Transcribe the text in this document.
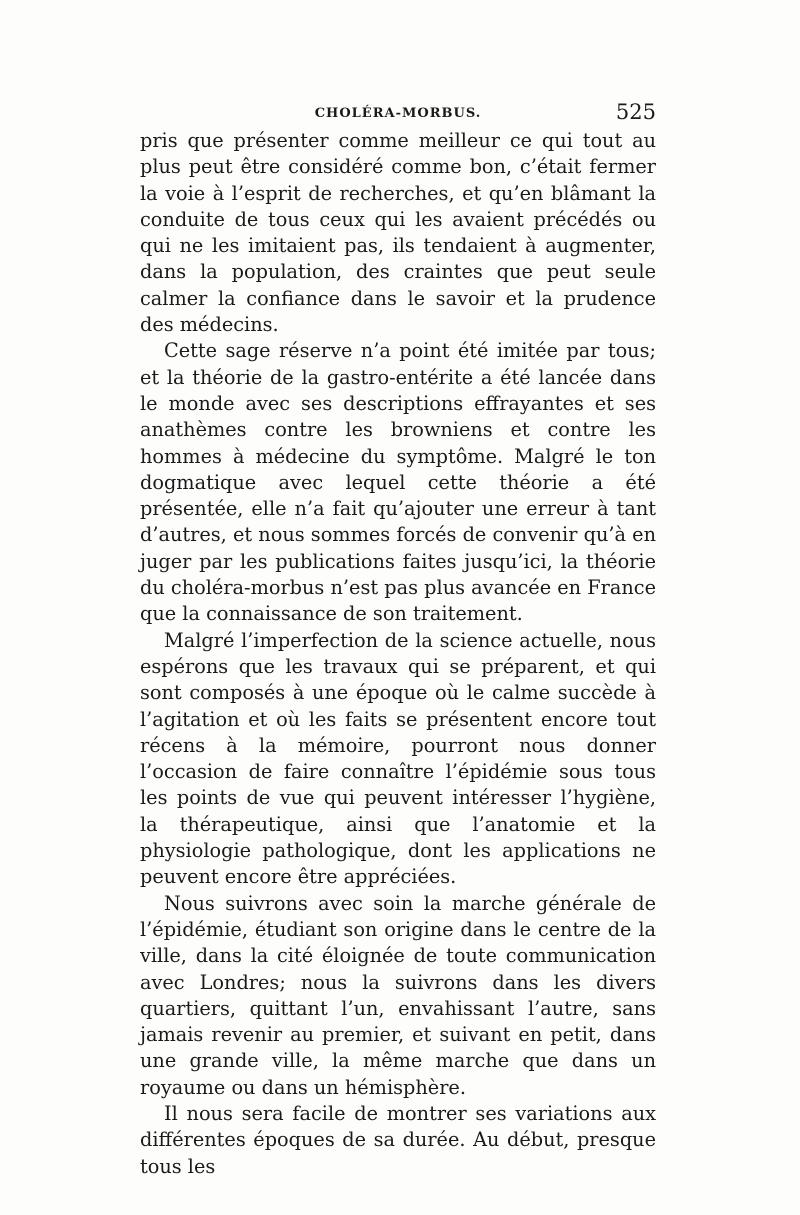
CHOLÉRA-MORBUS.	525

pris que présenter comme meilleur ce qui tout au plus peut être considéré comme bon, c’était fermer la voie à l’esprit de recherches, et qu’en blâmant la conduite de tous ceux qui les avaient précédés ou qui ne les imitaient pas, ils tendaient à augmenter, dans la population, des craintes que peut seule calmer la confiance dans le savoir et la prudence des médecins.

Cette sage réserve n’a point été imitée par tous; et la théorie de la gastro-entérite a été lancée dans le monde avec ses descriptions effrayantes et ses anathèmes contre les browniens et contre les hommes à médecine du symptôme. Malgré le ton dogmatique avec lequel cette théorie a été présentée, elle n’a fait qu’ajouter une erreur à tant d’autres, et nous sommes forcés de convenir qu’à en juger par les publications faites jusqu’ici, la théorie du choléra-morbus n’est pas plus avancée en France que la connaissance de son traitement.

Malgré l’imperfection de la science actuelle, nous espérons que les travaux qui se préparent, et qui sont composés à une époque où le calme succède à l’agitation et où les faits se présentent encore tout récens à la mémoire, pourront nous donner l’occasion de faire connaître l’épidémie sous tous les points de vue qui peuvent intéresser l’hygiène, la thérapeutique, ainsi que l’anatomie et la physiologie pathologique, dont les applications ne peuvent encore être appréciées.

Nous suivrons avec soin la marche générale de l’épidémie, étudiant son origine dans le centre de la ville, dans la cité éloignée de toute communication avec Londres; nous la suivrons dans les divers quartiers, quittant l’un, envahissant l’autre, sans jamais revenir au premier, et suivant en petit, dans une grande ville, la même marche que dans un royaume ou dans un hémisphère.

Il nous sera facile de montrer ses variations aux différentes époques de sa durée. Au début, presque tous les
